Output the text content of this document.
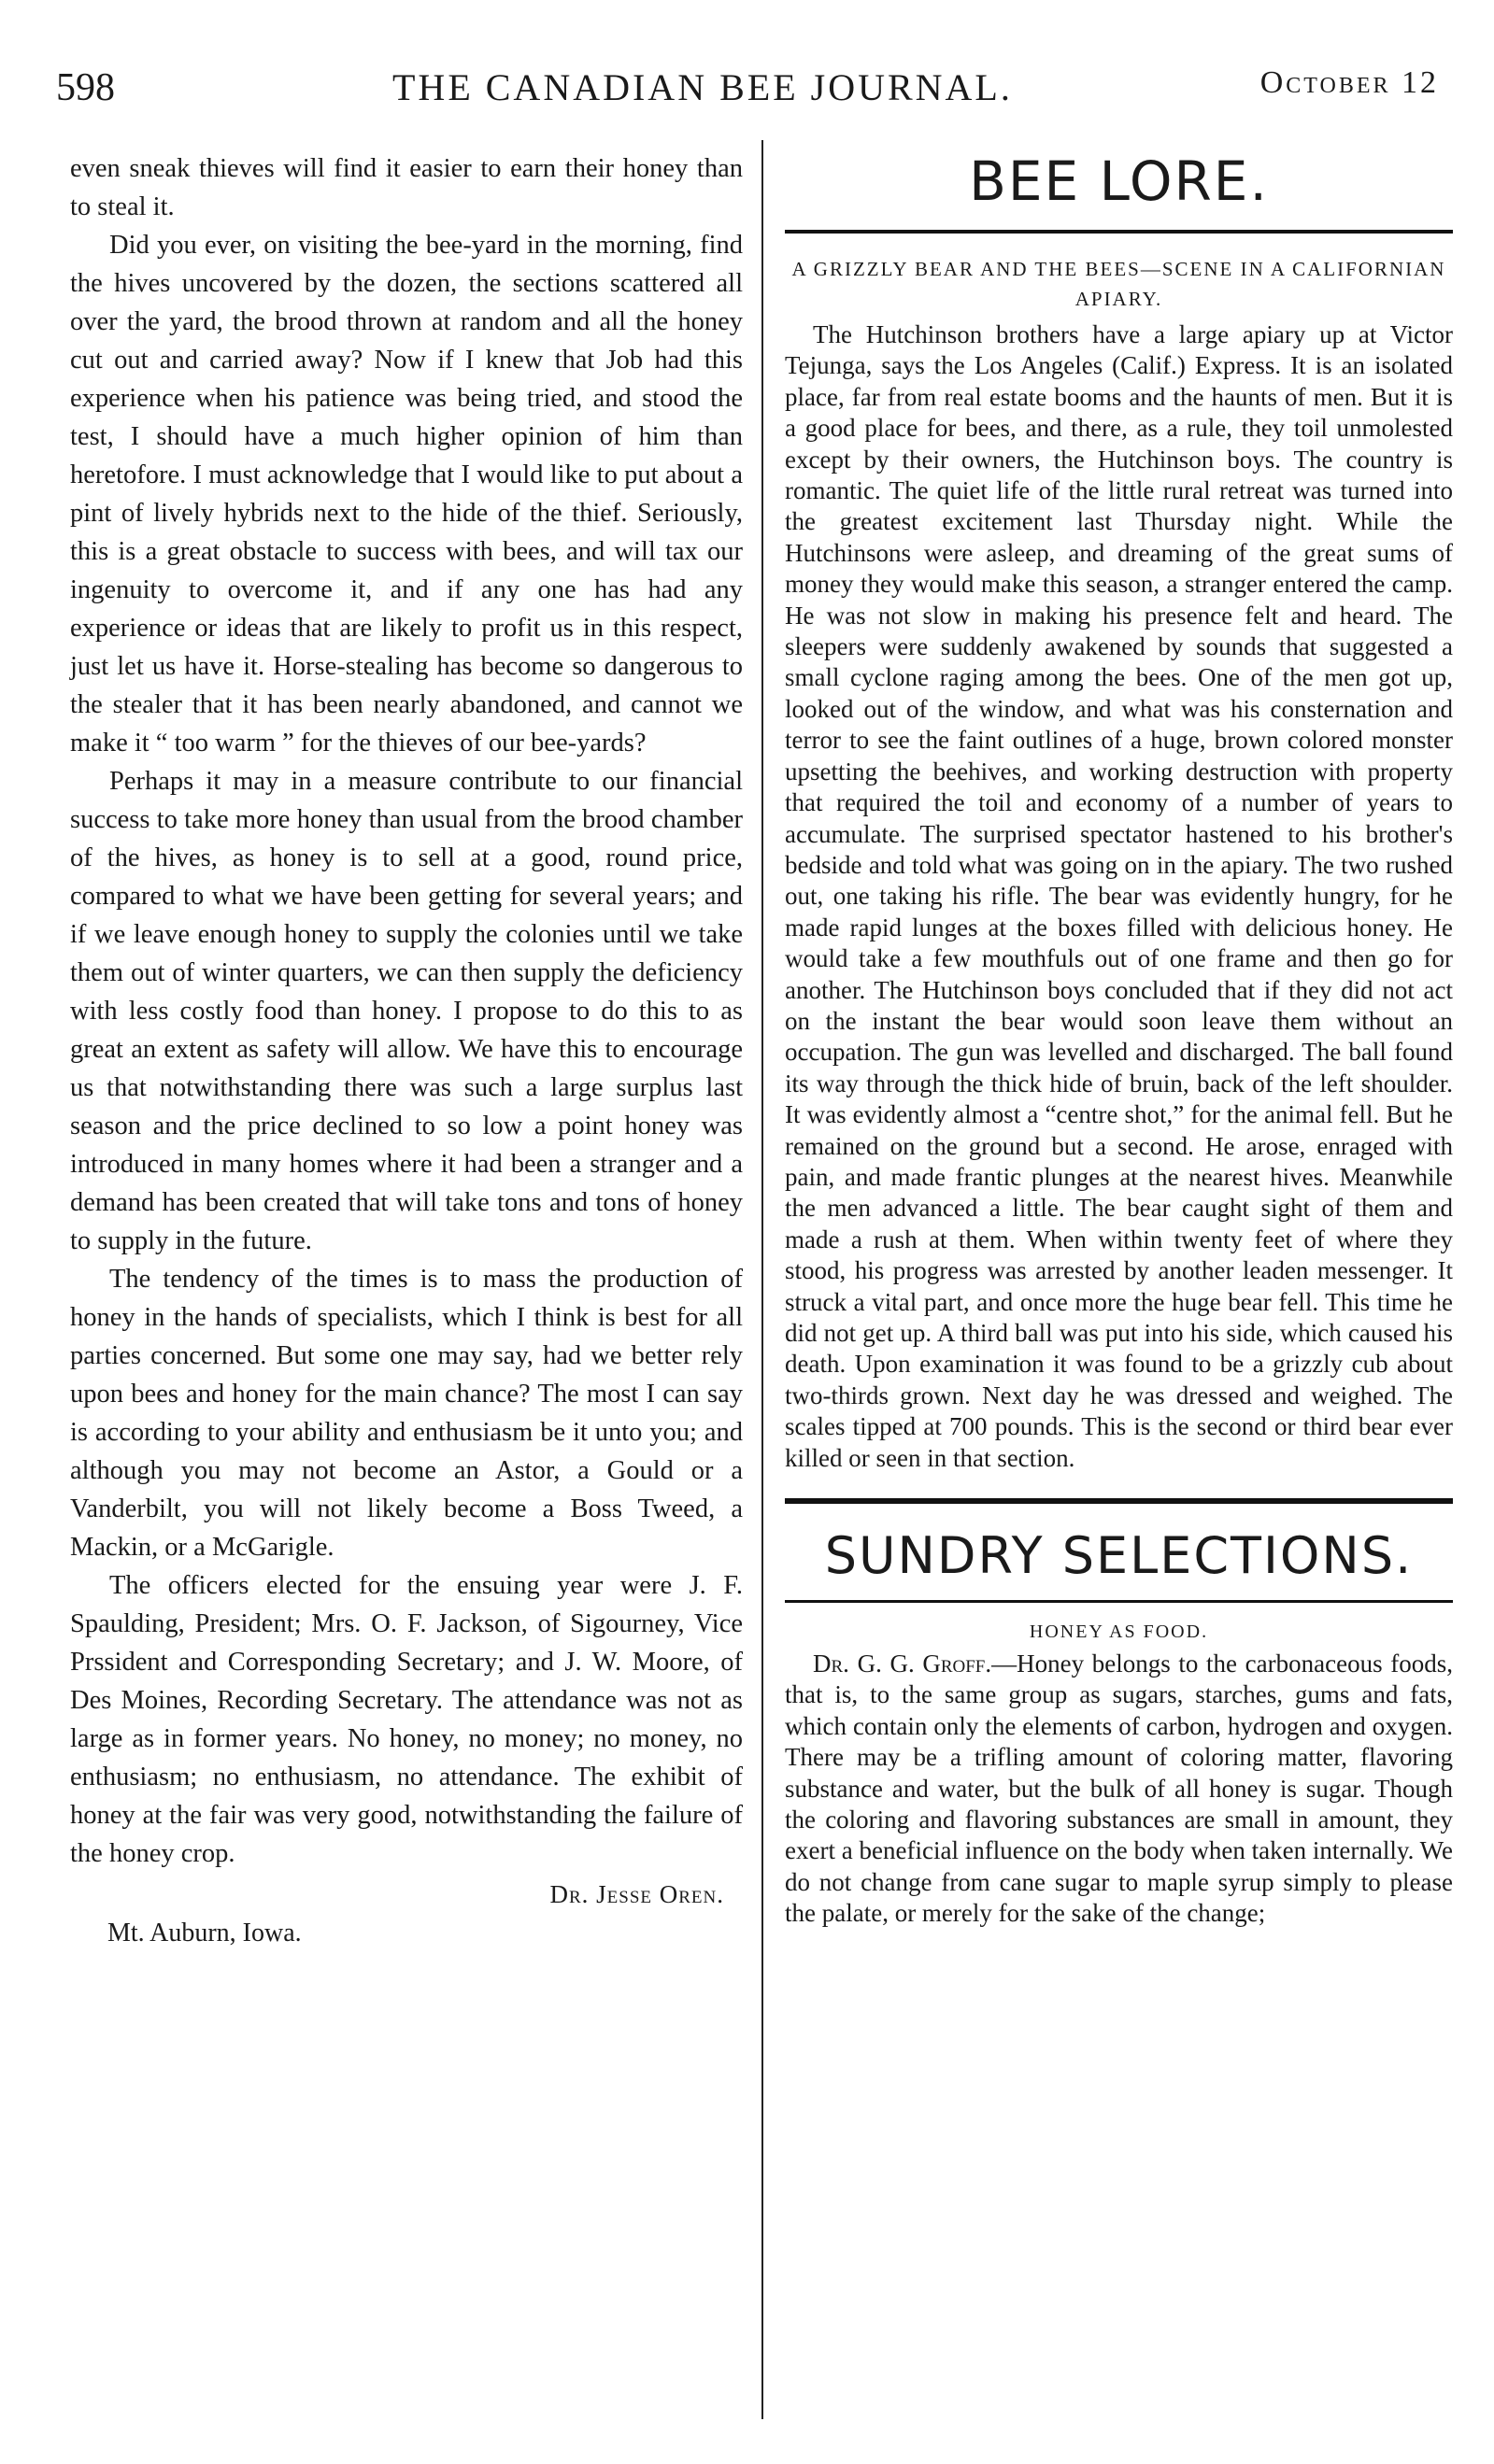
598	THE CANADIAN BEE JOURNAL.	October 12

even sneak thieves will find it easier to earn their honey than to steal it.

Did you ever, on visiting the bee-yard in the morning, find the hives uncovered by the dozen, the sections scattered all over the yard, the brood thrown at random and all the honey cut out and carried away? Now if I knew that Job had this experience when his patience was being tried, and stood the test, I should have a much higher opinion of him than heretofore. I must acknowledge that I would like to put about a pint of lively hybrids next to the hide of the thief. Seriously, this is a great obstacle to success with bees, and will tax our ingenuity to overcome it, and if any one has had any experience or ideas that are likely to profit us in this respect, just let us have it. Horse-stealing has become so dangerous to the stealer that it has been nearly abandoned, and cannot we make it “ too warm ” for the thieves of our bee-yards?

Perhaps it may in a measure contribute to our financial success to take more honey than usual from the brood chamber of the hives, as honey is to sell at a good, round price, compared to what we have been getting for several years; and if we leave enough honey to supply the colonies until we take them out of winter quarters, we can then supply the deficiency with less costly food than honey. I propose to do this to as great an extent as safety will allow. We have this to encourage us that notwithstanding there was such a large surplus last season and the price declined to so low a point honey was introduced in many homes where it had been a stranger and a demand has been created that will take tons and tons of honey to supply in the future.

The tendency of the times is to mass the production of honey in the hands of specialists, which I think is best for all parties concerned. But some one may say, had we better rely upon bees and honey for the main chance? The most I can say is according to your ability and enthusiasm be it unto you; and although you may not become an Astor, a Gould or a Vanderbilt, you will not likely become a Boss Tweed, a Mackin, or a McGarigle.

The officers elected for the ensuing year were J. F. Spaulding, President; Mrs. O. F. Jackson, of Sigourney, Vice Prssident and Corresponding Secretary; and J. W. Moore, of Des Moines, Recording Secretary. The attendance was not as large as in former years. No honey, no money; no money, no enthusiasm; no enthusiasm, no attendance. The exhibit of honey at the fair was very good, notwithstanding the failure of the honey crop.

Dr. Jesse Oren.
Mt. Auburn, Iowa.
BEE LORE.
A GRIZZLY BEAR AND THE BEES—SCENE IN A CALIFORNIAN APIARY.

The Hutchinson brothers have a large apiary up at Victor Tejunga, says the Los Angeles (Calif.) Express. It is an isolated place, far from real estate booms and the haunts of men. But it is a good place for bees, and there, as a rule, they toil unmolested except by their owners, the Hutchinson boys. The country is romantic. The quiet life of the little rural retreat was turned into the greatest excitement last Thursday night. While the Hutchinsons were asleep, and dreaming of the great sums of money they would make this season, a stranger entered the camp. He was not slow in making his presence felt and heard. The sleepers were suddenly awakened by sounds that suggested a small cyclone raging among the bees. One of the men got up, looked out of the window, and what was his consternation and terror to see the faint outlines of a huge, brown colored monster upsetting the beehives, and working destruction with property that required the toil and economy of a number of years to accumulate. The surprised spectator hastened to his brother's bedside and told what was going on in the apiary. The two rushed out, one taking his rifle. The bear was evidently hungry, for he made rapid lunges at the boxes filled with delicious honey. He would take a few mouthfuls out of one frame and then go for another. The Hutchinson boys concluded that if they did not act on the instant the bear would soon leave them without an occupation. The gun was levelled and discharged. The ball found its way through the thick hide of bruin, back of the left shoulder. It was evidently almost a “centre shot,” for the animal fell. But he remained on the ground but a second. He arose, enraged with pain, and made frantic plunges at the nearest hives. Meanwhile the men advanced a little. The bear caught sight of them and made a rush at them. When within twenty feet of where they stood, his progress was arrested by another leaden messenger. It struck a vital part, and once more the huge bear fell. This time he did not get up. A third ball was put into his side, which caused his death. Upon examination it was found to be a grizzly cub about two-thirds grown. Next day he was dressed and weighed. The scales tipped at 700 pounds. This is the second or third bear ever killed or seen in that section.

SUNDRY SELECTIONS.
HONEY AS FOOD.

Dr. G. G. Groff.—Honey belongs to the carbonaceous foods, that is, to the same group as sugars, starches, gums and fats, which contain only the elements of carbon, hydrogen and oxygen. There may be a trifling amount of coloring matter, flavoring substance and water, but the bulk of all honey is sugar. Though the coloring and flavoring substances are small in amount, they exert a beneficial influence on the body when taken internally. We do not change from cane sugar to maple syrup simply to please the palate, or merely for the sake of the change;
